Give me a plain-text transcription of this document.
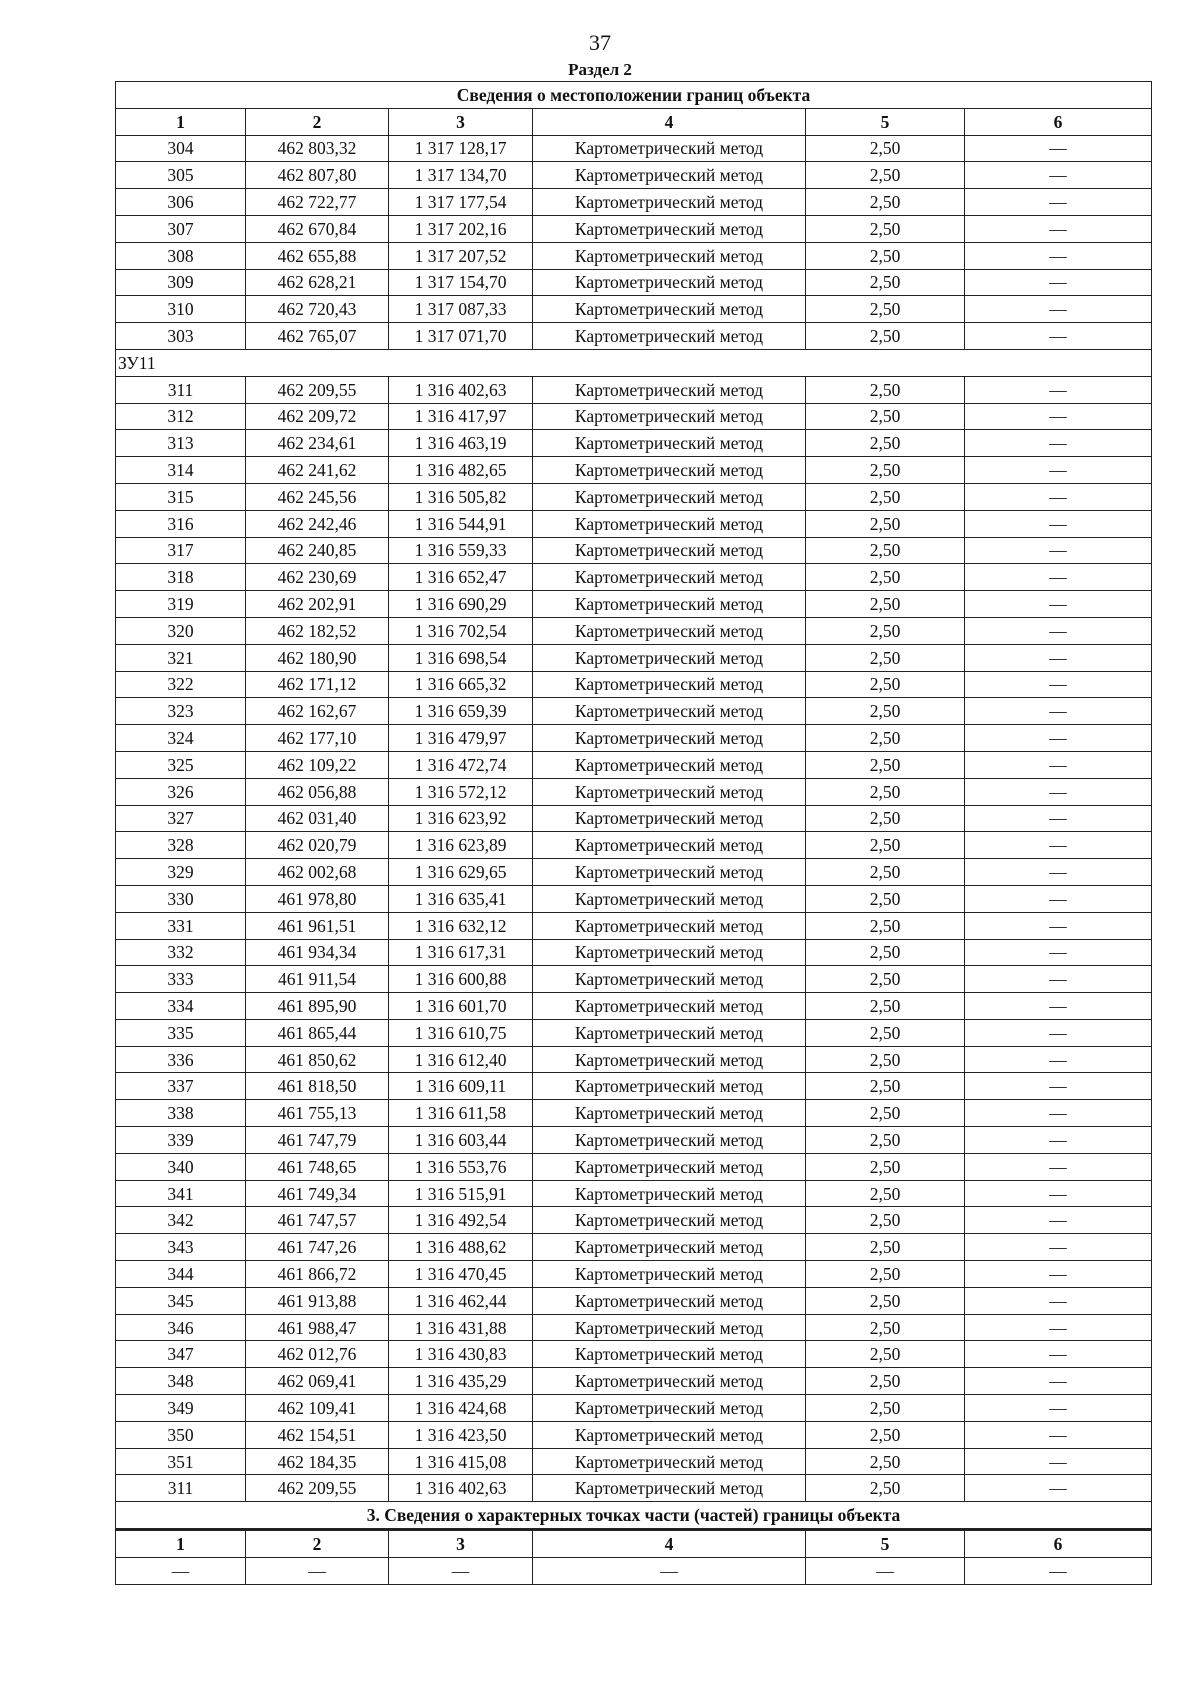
37
Раздел 2
Сведения о местоположении границ объекта					
1	2	3	4	5	6
304	462 803,32	1 317 128,17	Картометрический метод	2,50	—
305	462 807,80	1 317 134,70	Картометрический метод	2,50	—
306	462 722,77	1 317 177,54	Картометрический метод	2,50	—
307	462 670,84	1 317 202,16	Картометрический метод	2,50	—
308	462 655,88	1 317 207,52	Картометрический метод	2,50	—
309	462 628,21	1 317 154,70	Картометрический метод	2,50	—
310	462 720,43	1 317 087,33	Картометрический метод	2,50	—
303	462 765,07	1 317 071,70	Картометрический метод	2,50	—
ЗУ11					
311	462 209,55	1 316 402,63	Картометрический метод	2,50	—
312	462 209,72	1 316 417,97	Картометрический метод	2,50	—
313	462 234,61	1 316 463,19	Картометрический метод	2,50	—
314	462 241,62	1 316 482,65	Картометрический метод	2,50	—
315	462 245,56	1 316 505,82	Картометрический метод	2,50	—
316	462 242,46	1 316 544,91	Картометрический метод	2,50	—
317	462 240,85	1 316 559,33	Картометрический метод	2,50	—
318	462 230,69	1 316 652,47	Картометрический метод	2,50	—
319	462 202,91	1 316 690,29	Картометрический метод	2,50	—
320	462 182,52	1 316 702,54	Картометрический метод	2,50	—
321	462 180,90	1 316 698,54	Картометрический метод	2,50	—
322	462 171,12	1 316 665,32	Картометрический метод	2,50	—
323	462 162,67	1 316 659,39	Картометрический метод	2,50	—
324	462 177,10	1 316 479,97	Картометрический метод	2,50	—
325	462 109,22	1 316 472,74	Картометрический метод	2,50	—
326	462 056,88	1 316 572,12	Картометрический метод	2,50	—
327	462 031,40	1 316 623,92	Картометрический метод	2,50	—
328	462 020,79	1 316 623,89	Картометрический метод	2,50	—
329	462 002,68	1 316 629,65	Картометрический метод	2,50	—
330	461 978,80	1 316 635,41	Картометрический метод	2,50	—
331	461 961,51	1 316 632,12	Картометрический метод	2,50	—
332	461 934,34	1 316 617,31	Картометрический метод	2,50	—
333	461 911,54	1 316 600,88	Картометрический метод	2,50	—
334	461 895,90	1 316 601,70	Картометрический метод	2,50	—
335	461 865,44	1 316 610,75	Картометрический метод	2,50	—
336	461 850,62	1 316 612,40	Картометрический метод	2,50	—
337	461 818,50	1 316 609,11	Картометрический метод	2,50	—
338	461 755,13	1 316 611,58	Картометрический метод	2,50	—
339	461 747,79	1 316 603,44	Картометрический метод	2,50	—
340	461 748,65	1 316 553,76	Картометрический метод	2,50	—
341	461 749,34	1 316 515,91	Картометрический метод	2,50	—
342	461 747,57	1 316 492,54	Картометрический метод	2,50	—
343	461 747,26	1 316 488,62	Картометрический метод	2,50	—
344	461 866,72	1 316 470,45	Картометрический метод	2,50	—
345	461 913,88	1 316 462,44	Картометрический метод	2,50	—
346	461 988,47	1 316 431,88	Картометрический метод	2,50	—
347	462 012,76	1 316 430,83	Картометрический метод	2,50	—
348	462 069,41	1 316 435,29	Картометрический метод	2,50	—
349	462 109,41	1 316 424,68	Картометрический метод	2,50	—
350	462 154,51	1 316 423,50	Картометрический метод	2,50	—
351	462 184,35	1 316 415,08	Картометрический метод	2,50	—
311	462 209,55	1 316 402,63	Картометрический метод	2,50	—
3. Сведения о характерных точках части (частей) границы объекта					
1	2	3	4	5	6
—	—	—	—	—	—
